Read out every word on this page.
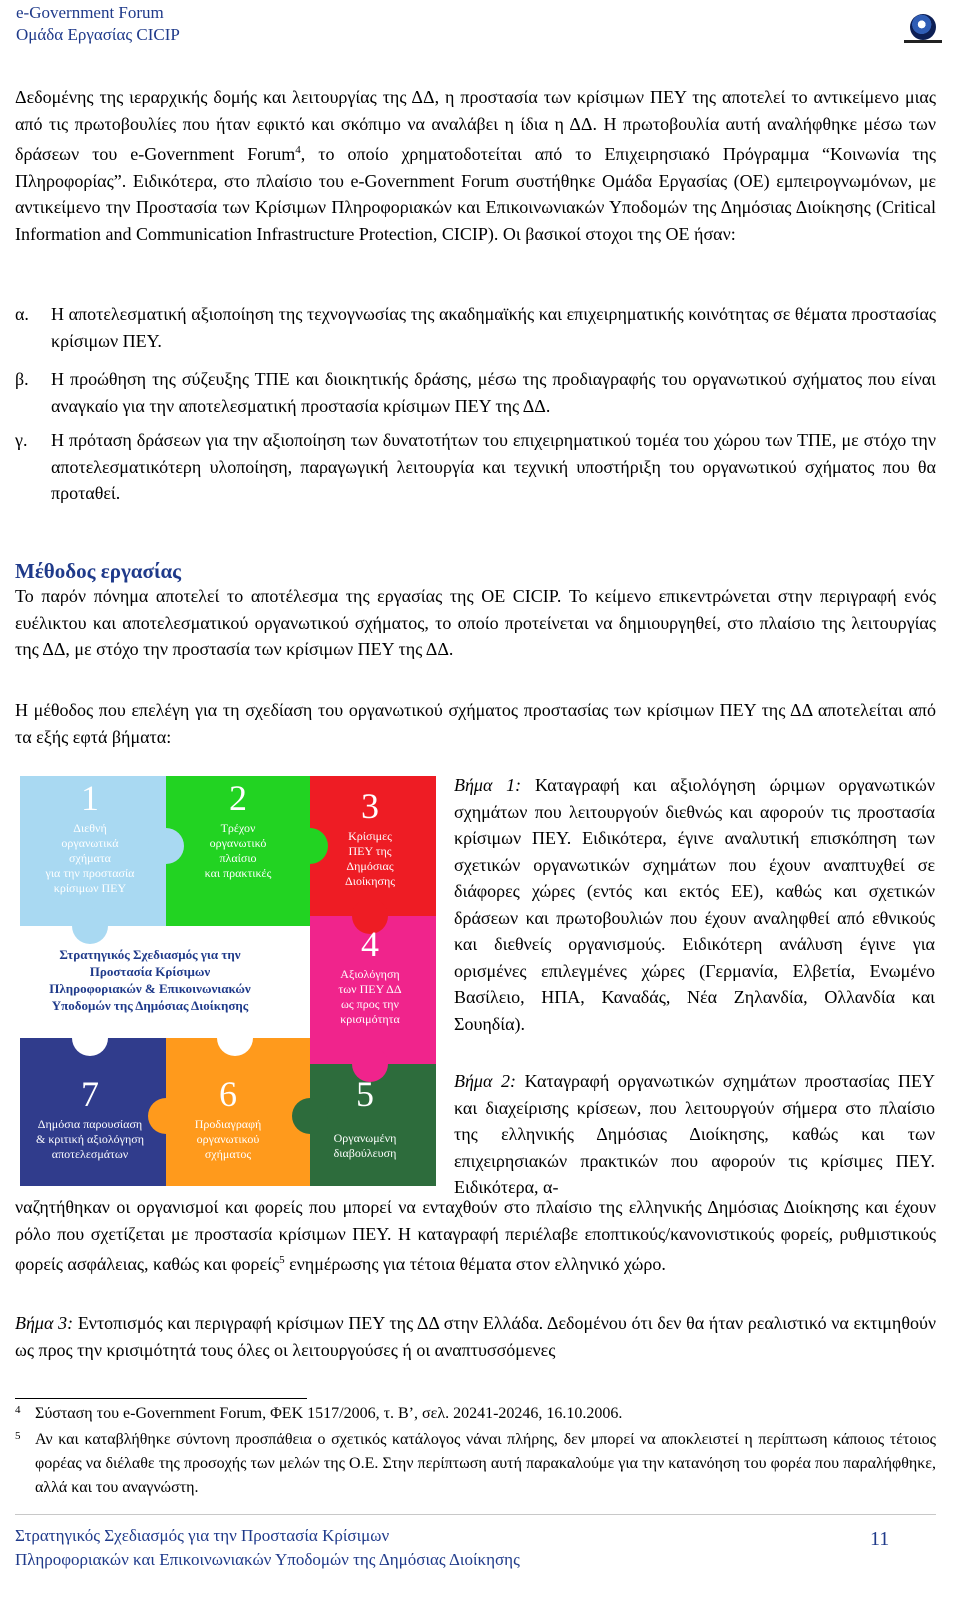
e-Government Forum
Ομάδα Εργασίας CICIP

Δεδομένης της ιεραρχικής δομής και λειτουργίας της ΔΔ, η προστασία των κρίσιμων ΠΕΥ της αποτελεί το αντικείμενο μιας από τις πρωτοβουλίες που ήταν εφικτό και σκόπιμο να αναλάβει η ίδια η ΔΔ. Η πρωτοβουλία αυτή αναλήφθηκε μέσω των δράσεων του e-Government Forum$^4$, το οποίο χρηματοδοτείται από το Επιχειρησιακό Πρόγραμμα “Κοινωνία της Πληροφορίας”. Ειδικότερα, στο πλαίσιο του e-Government Forum συστήθηκε Ομάδα Εργασίας (ΟΕ) εμπειρογνωμόνων, με αντικείμενο την Προστασία των Κρίσιμων Πληροφοριακών και Επικοινωνιακών Υποδομών της Δημόσιας Διοίκησης (Critical Information and Communication Infrastructure Protection, CICIP). Οι βασικοί στοχοι της ΟΕ ήσαν:

α. Η αποτελεσματική αξιοποίηση της τεχνογνωσίας της ακαδημαϊκής και επιχειρηματικής κοινότητας σε θέματα προστασίας κρίσιμων ΠΕΥ.
β. Η προώθηση της σύζευξης ΤΠΕ και διοικητικής δράσης, μέσω της προδιαγραφής του οργανωτικού σχήματος που είναι αναγκαίο για την αποτελεσματική προστασία κρίσιμων ΠΕΥ της ΔΔ.
γ. Η πρόταση δράσεων για την αξιοποίηση των δυνατοτήτων του επιχειρηματικού τομέα του χώρου των ΤΠΕ, με στόχο την αποτελεσματικότερη υλοποίηση, παραγωγική λειτουργία και τεχνική υποστήριξη του οργανωτικού σχήματος που θα προταθεί.
Μέθοδος εργασίας

Το παρόν πόνημα αποτελεί το αποτέλεσμα της εργασίας της ΟΕ CICIP. Το κείμενο επικεντρώνεται στην περιγραφή ενός ευέλικτου και αποτελεσματικού οργανωτικού σχήματος, το οποίο προτείνεται να δημιουργηθεί, στο πλαίσιο της λειτουργίας της ΔΔ, με στόχο την προστασία των κρίσιμων ΠΕΥ της ΔΔ.

Η μέθοδος που επελέγη για τη σχεδίαση του οργανωτικού σχήματος προστασίας των κρίσιμων ΠΕΥ της ΔΔ αποτελείται από τα εξής εφτά βήματα:

1
Διεθνή
οργανωτικά
σχήματα
για την προστασία
κρίσιμων ΠΕΥ
2
Τρέχον
οργανωτικό
πλαίσιο
και πρακτικές
3
Κρίσιμες
ΠΕΥ της
Δημόσιας
Διοίκησης
4
Αξιολόγηση
των ΠΕΥ ΔΔ
ως προς την
κρισιμότητα
5
Οργανωμένη
διαβούλευση
6
Προδιαγραφή
οργανωτικού
σχήματος
7
Δημόσια παρουσίαση
& κριτική αξιολόγηση
αποτελεσμάτων
Στρατηγικός Σχεδιασμός για την
Προστασία Κρίσιμων
Πληροφοριακών & Επικοινωνιακών
Υποδομών της Δημόσιας Διοίκησης

Βήμα 1: Καταγραφή και αξιολόγηση ώριμων οργανωτικών σχημάτων που λειτουργούν διεθνώς και αφορούν τις προστασία κρίσιμων ΠΕΥ. Ειδικότερα, έγινε αναλυτική επισκόπηση των σχετικών οργανωτικών σχημάτων που έχουν αναπτυχθεί σε διάφορες χώρες (εντός και εκτός ΕΕ), καθώς και σχετικών δράσεων και πρωτοβουλιών που έχουν αναληφθεί από εθνικούς και διεθνείς οργανισμούς. Ειδικότερη ανάλυση έγινε για ορισμένες επιλεγμένες χώρες (Γερμανία, Ελβετία, Ενωμένο Βασίλειο, ΗΠΑ, Καναδάς, Νέα Ζηλανδία, Ολλανδία και Σουηδία).

Βήμα 2: Καταγραφή οργανωτικών σχημάτων προστασίας ΠΕΥ και διαχείρισης κρίσεων, που λειτουργούν σήμερα στο πλαίσιο της ελληνικής Δημόσιας Διοίκησης, καθώς και των επιχειρησιακών πρακτικών που αφορούν τις κρίσιμες ΠΕΥ. Ειδικότερα, α-

ναζητήθηκαν οι οργανισμοί και φορείς που μπορεί να ενταχθούν στο πλαίσιο της ελληνικής Δημόσιας Διοίκησης και έχουν ρόλο που σχετίζεται με προστασία κρίσιμων ΠΕΥ. Η καταγραφή περιέλαβε εποπτικούς/κανονιστικούς φορείς, ρυθμιστικούς φορείς ασφάλειας, καθώς και φορείς$^5$ ενημέρωσης για τέτοια θέματα στον ελληνικό χώρο.

Βήμα 3: Εντοπισμός και περιγραφή κρίσιμων ΠΕΥ της ΔΔ στην Ελλάδα. Δεδομένου ότι δεν θα ήταν ρεαλιστικό να εκτιμηθούν ως προς την κρισιμότητά τους όλες οι λειτουργούσες ή οι αναπτυσσόμενες

4 Σύσταση του e-Government Forum, ΦΕΚ 1517/2006, τ. Β’, σελ. 20241-20246, 16.10.2006.
5 Αν και καταβλήθηκε σύντονη προσπάθεια ο σχετικός κατάλογος νάναι πλήρης, δεν μπορεί να αποκλειστεί η περίπτωση κάποιος τέτοιος φορέας να διέλαθε της προσοχής των μελών της Ο.Ε. Στην περίπτωση αυτή παρακαλούμε για την κατανόηση του φορέα που παραλήφθηκε, αλλά και του αναγνώστη.
Στρατηγικός Σχεδιασμός για την Προστασία Κρίσιμων
Πληροφοριακών και Επικοινωνιακών Υποδομών της Δημόσιας Διοίκησης
11
